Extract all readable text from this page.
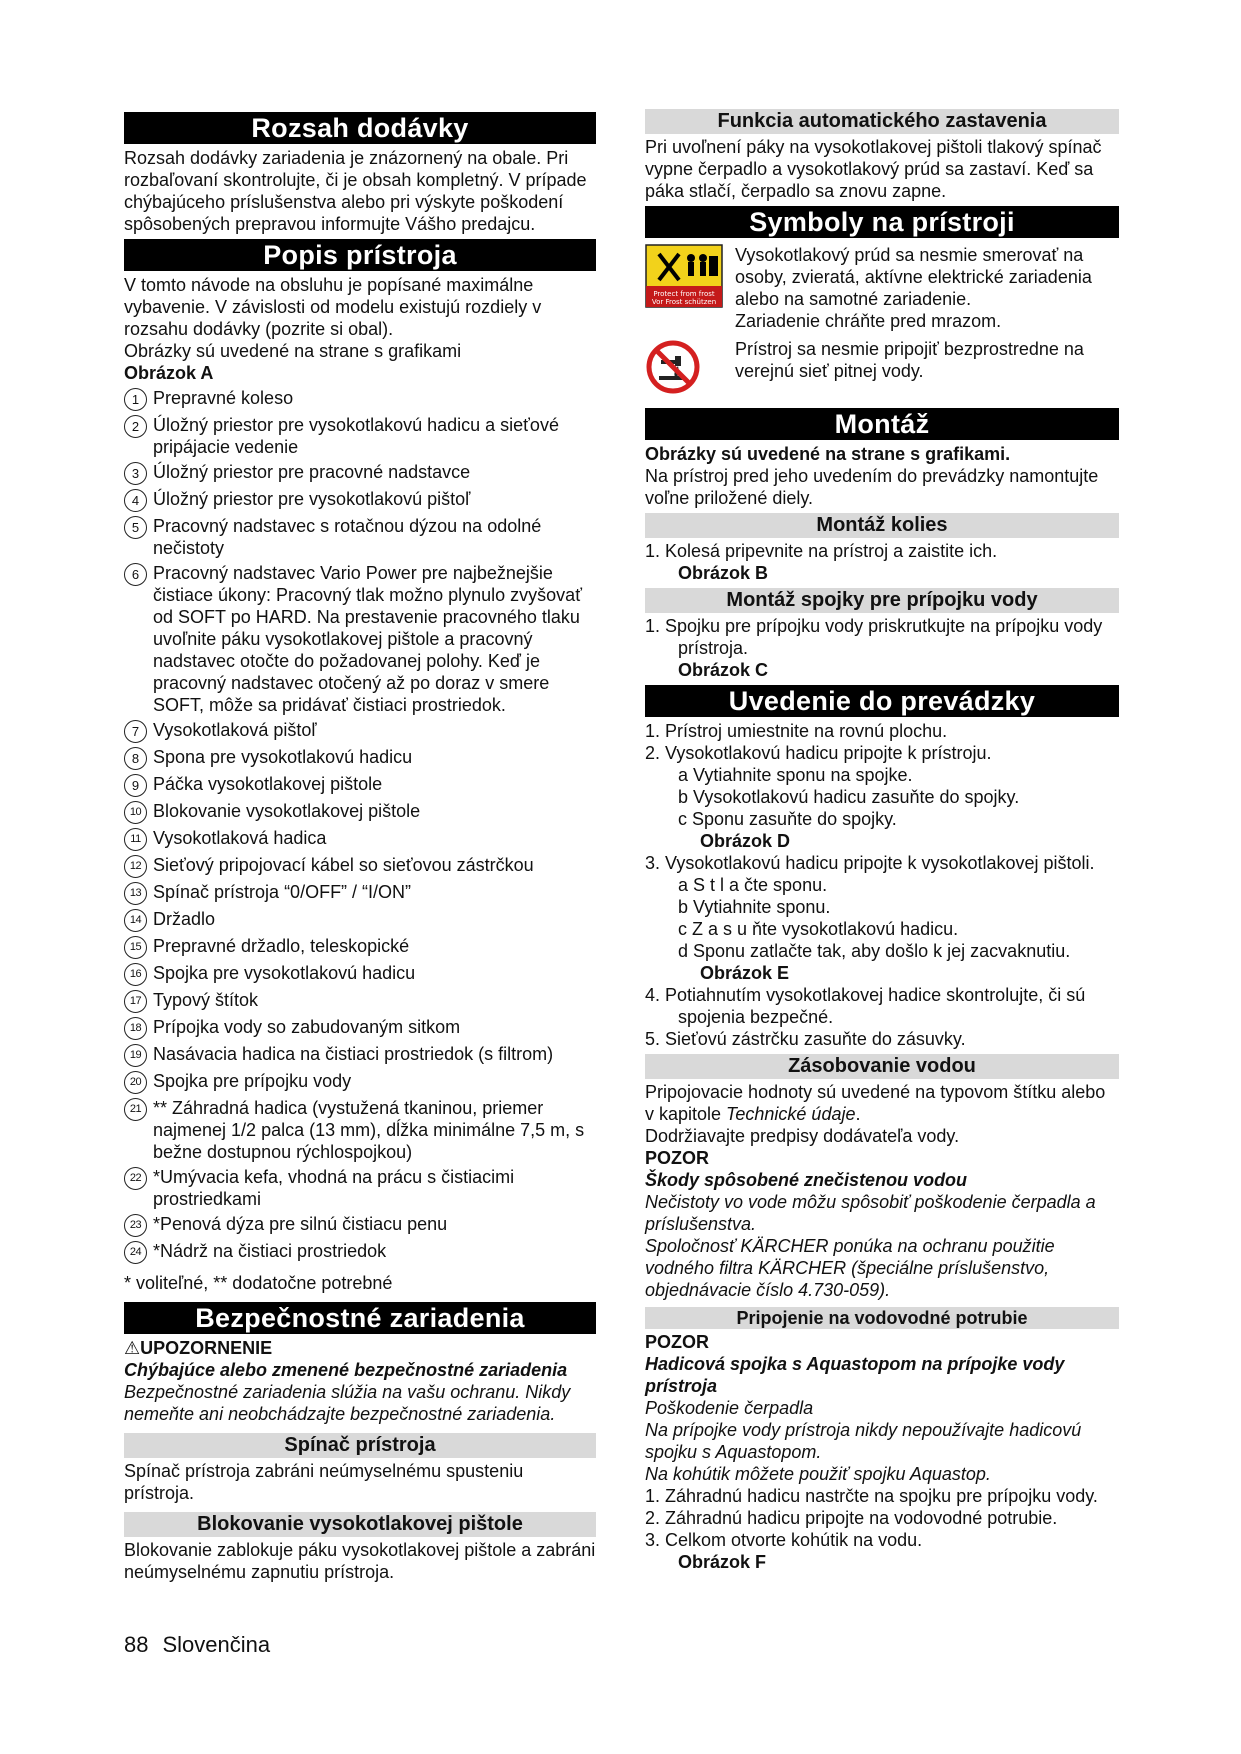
Rozsah dodávky

Rozsah dodávky zariadenia je znázornený na obale. Pri rozbaľovaní skontrolujte, či je obsah kompletný. V prípade chýbajúceho príslušenstva alebo pri výskyte poškodení spôsobených prepravou informujte Vášho predajcu.

Popis prístroja

V tomto návode na obsluhu je popísané maximálne vybavenie. V závislosti od modelu existujú rozdiely v rozsahu dodávky (pozrite si obal).

Obrázky sú uvedené na strane s grafikami

Obrázok A

1 Prepravné koleso
2 Úložný priestor pre vysokotlakovú hadicu a sieťové pripájacie vedenie
3 Úložný priestor pre pracovné nadstavce
4 Úložný priestor pre vysokotlakovú pištoľ
5 Pracovný nadstavec s rotačnou dýzou na odolné nečistoty
6 Pracovný nadstavec Vario Power pre najbežnejšie čistiace úkony: Pracovný tlak možno plynulo zvyšovať od SOFT po HARD. Na prestavenie pracovného tlaku uvoľnite páku vysokotlakovej pištole a pracovný nadstavec otočte do požadovanej polohy. Keď je pracovný nadstavec otočený až po doraz v smere SOFT, môže sa pridávať čistiaci prostriedok.
7 Vysokotlaková pištoľ
8 Spona pre vysokotlakovú hadicu
9 Páčka vysokotlakovej pištole
10 Blokovanie vysokotlakovej pištole
11 Vysokotlaková hadica
12 Sieťový pripojovací kábel so sieťovou zástrčkou
13 Spínač prístroja “0/OFF” / “I/ON”
14 Držadlo
15 Prepravné držadlo, teleskopické
16 Spojka pre vysokotlakovú hadicu
17 Typový štítok
18 Prípojka vody so zabudovaným sitkom
19 Nasávacia hadica na čistiaci prostriedok (s filtrom)
20 Spojka pre prípojku vody
21 ** Záhradná hadica (vystužená tkaninou, priemer najmenej 1/2 palca (13 mm), dĺžka minimálne 7,5 m, s bežne dostupnou rýchlospojkou)
22 *Umývacia kefa, vhodná na prácu s čistiacimi prostriedkami
23 *Penová dýza pre silnú čistiacu penu
24 *Nádrž na čistiaci prostriedok

* voliteľné, ** dodatočne potrebné

Bezpečnostné zariadenia

⚠UPOZORNENIE

Chýbajúce alebo zmenené bezpečnostné zariadenia

Bezpečnostné zariadenia slúžia na vašu ochranu. Nikdy nemeňte ani neobchádzajte bezpečnostné zariadenia.

Spínač prístroja

Spínač prístroja zabráni neúmyselnému spusteniu prístroja.

Blokovanie vysokotlakovej pištole

Blokovanie zablokuje páku vysokotlakovej pištole a zabráni neúmyselnému zapnutiu prístroja.

Funkcia automatického zastavenia

Pri uvoľnení páky na vysokotlakovej pištoli tlakový spínač vypne čerpadlo a vysokotlakový prúd sa zastaví. Keď sa páka stlačí, čerpadlo sa znovu zapne.

Symboly na prístroji
Protect from frost
Vor Frost schützen
Vysokotlakový prúd sa nesmie smerovať na osoby, zvieratá, aktívne elektrické zariadenia alebo na samotné zariadenie.
Zariadenie chráňte pred mrazom.
Prístroj sa nesmie pripojiť bezprostredne na verejnú sieť pitnej vody.
Montáž

Obrázky sú uvedené na strane s grafikami.

Na prístroj pred jeho uvedením do prevádzky namontujte voľne priložené diely.

Montáž kolies

1. Kolesá pripevnite na prístroj a zaistite ich.

Obrázok B

Montáž spojky pre prípojku vody

1. Spojku pre prípojku vody priskrutkujte na prípojku vody prístroja.

Obrázok C

Uvedenie do prevádzky

1. Prístroj umiestnite na rovnú plochu.

2. Vysokotlakovú hadicu pripojte k prístroju.

a Vytiahnite sponu na spojke.

b Vysokotlakovú hadicu zasuňte do spojky.

c Sponu zasuňte do spojky.

Obrázok D

3. Vysokotlakovú hadicu pripojte k vysokotlakovej pištoli.

a S t l a čte sponu.

b Vytiahnite sponu.

c Z a s u ňte vysokotlakovú hadicu.

d Sponu zatlačte tak, aby došlo k jej zacvaknutiu.

Obrázok E

4. Potiahnutím vysokotlakovej hadice skontrolujte, či sú spojenia bezpečné.

5. Sieťovú zástrčku zasuňte do zásuvky.

Zásobovanie vodou

Pripojovacie hodnoty sú uvedené na typovom štítku alebo v kapitole Technické údaje.

Dodržiavajte predpisy dodávateľa vody.

POZOR

Škody spôsobené znečistenou vodou

Nečistoty vo vode môžu spôsobiť poškodenie čerpadla a príslušenstva.

Spoločnosť KÄRCHER ponúka na ochranu použitie vodného filtra KÄRCHER (špeciálne príslušenstvo, objednávacie číslo 4.730-059).

Pripojenie na vodovodné potrubie

POZOR

Hadicová spojka s Aquastopom na prípojke vody prístroja

Poškodenie čerpadla

Na prípojke vody prístroja nikdy nepoužívajte hadicovú spojku s Aquastopom.

Na kohútik môžete použiť spojku Aquastop.

1. Záhradnú hadicu nastrčte na spojku pre prípojku vody.

2. Záhradnú hadicu pripojte na vodovodné potrubie.

3. Celkom otvorte kohútik na vodu.

Obrázok F

88 Slovenčina
